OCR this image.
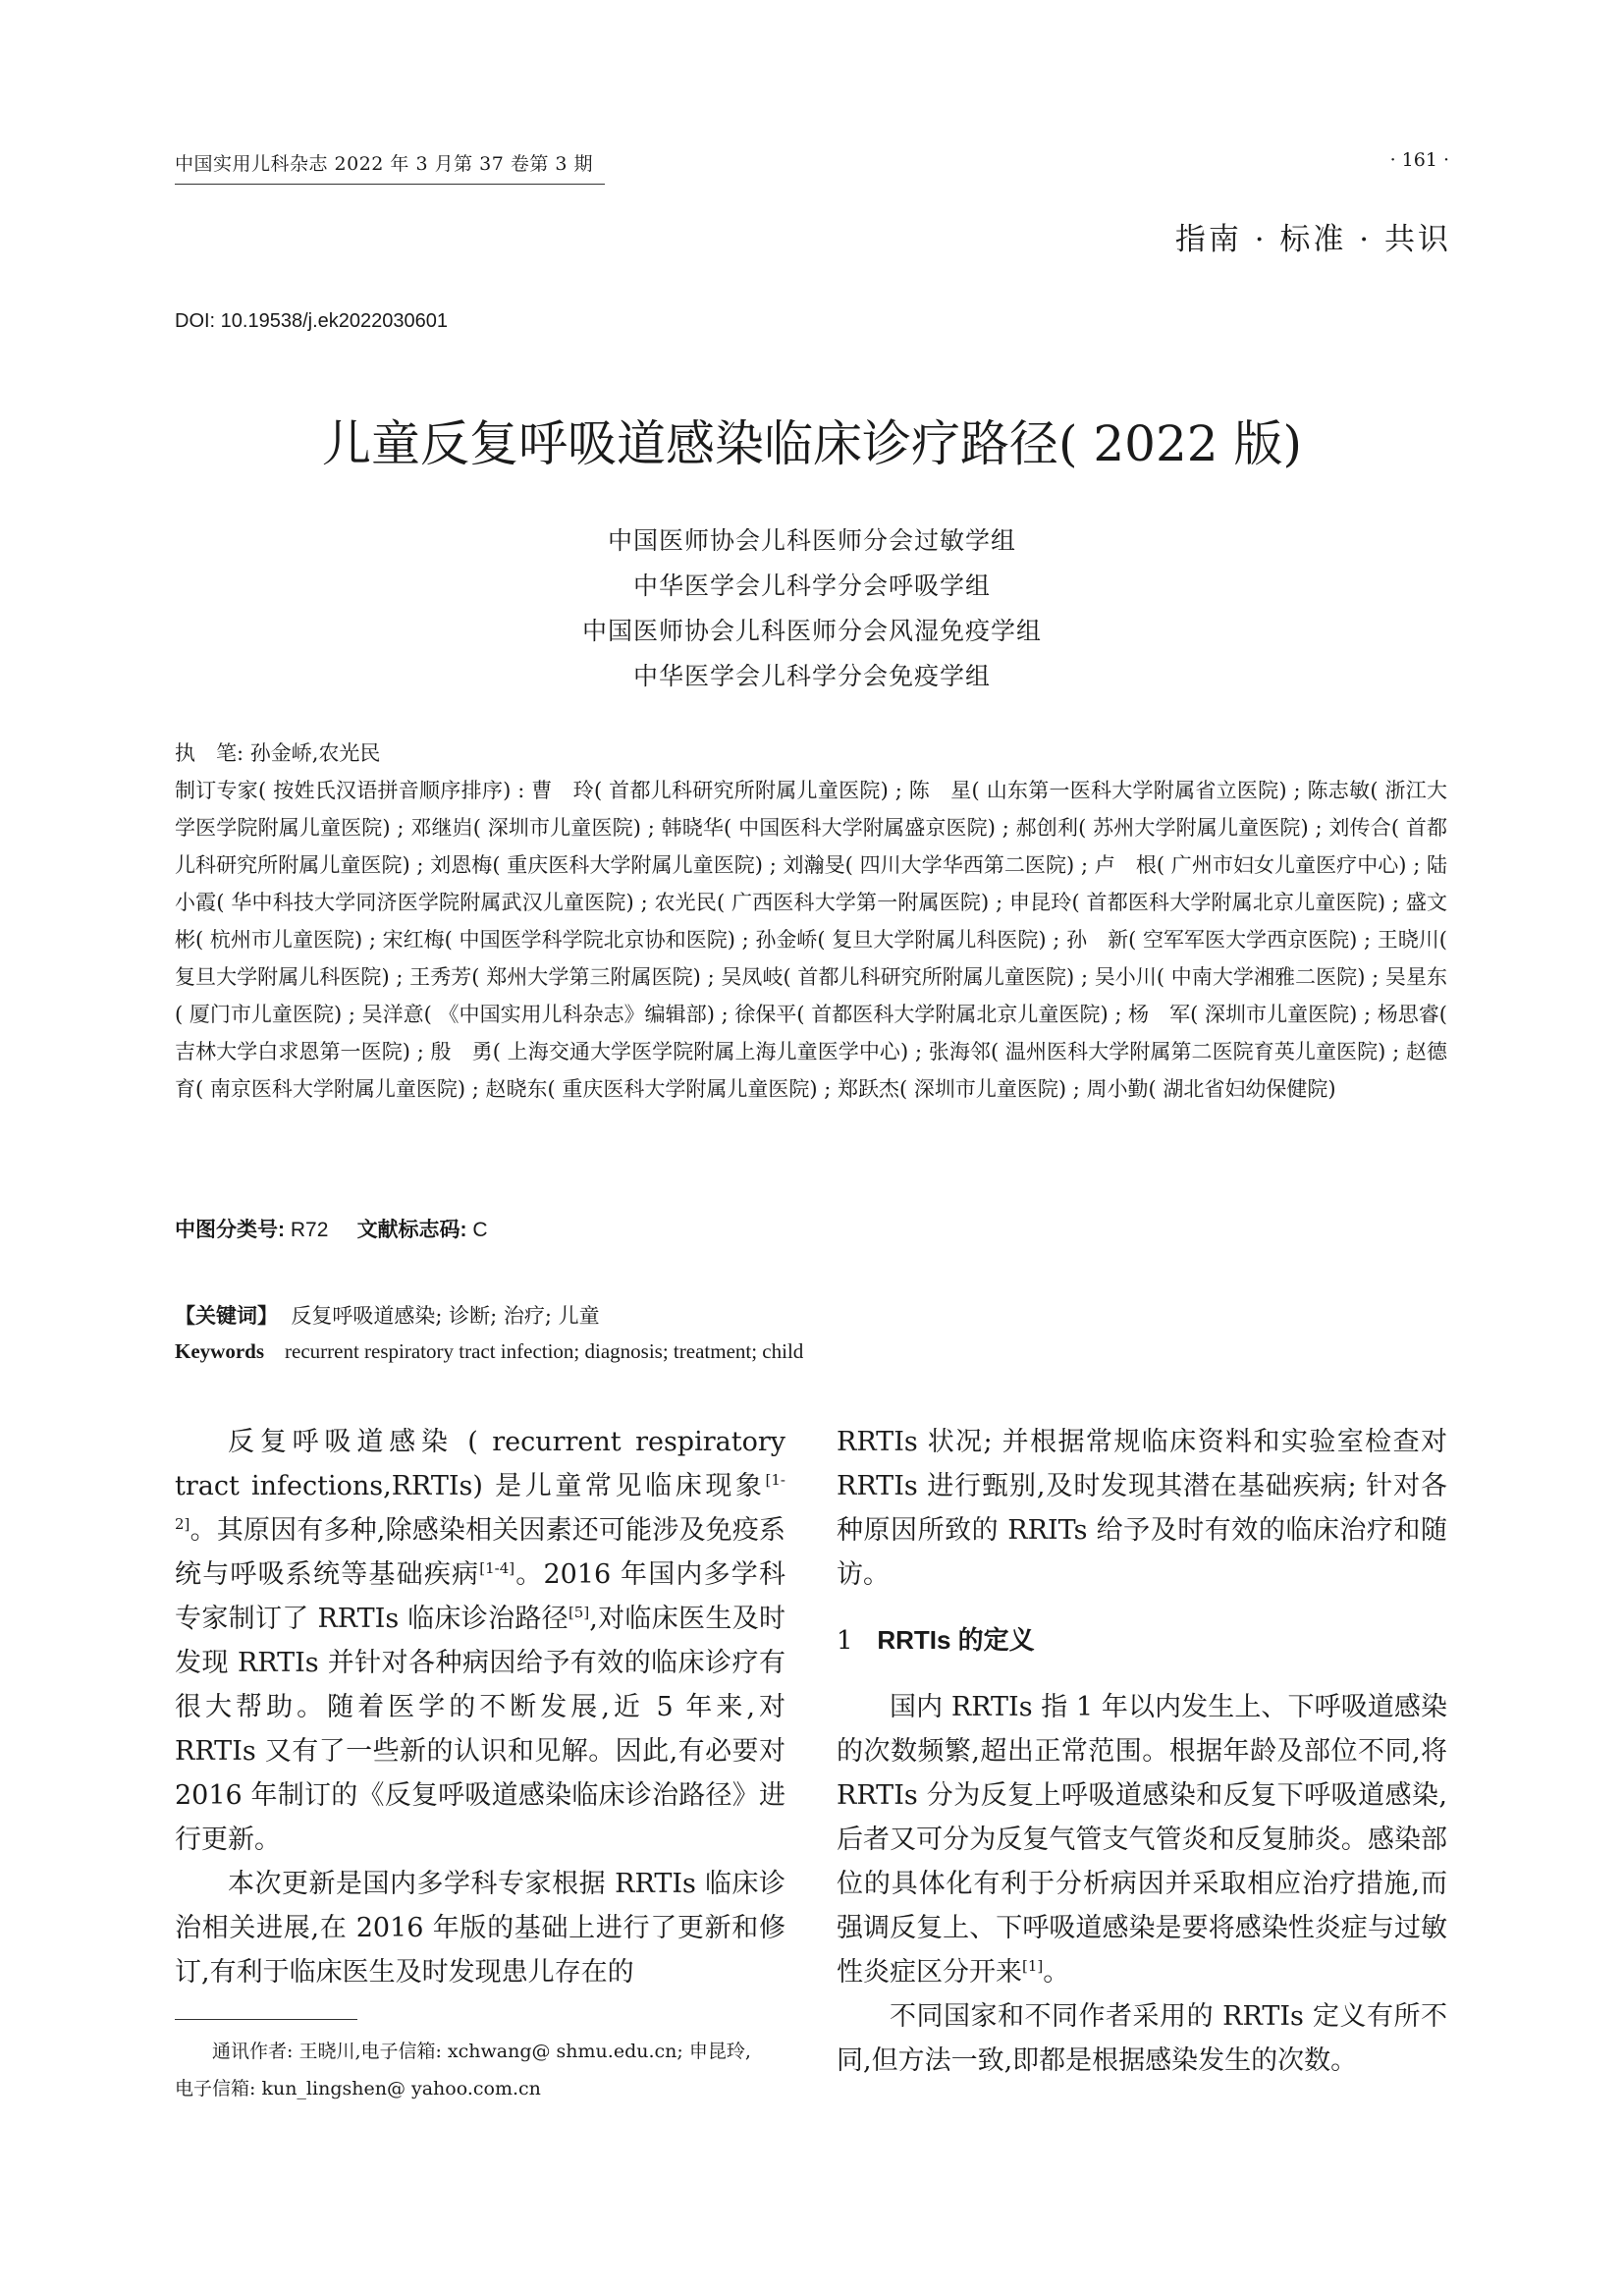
中国实用儿科杂志 2022 年 3 月第 37 卷第 3 期	· 161 ·
指南 · 标准 · 共识
DOI: 10.19538/j.ek2022030601
儿童反复呼吸道感染临床诊疗路径( 2022 版)
中国医师协会儿科医师分会过敏学组
中华医学会儿科学分会呼吸学组
中国医师协会儿科医师分会风湿免疫学组
中华医学会儿科学分会免疫学组

执　笔: 孙金峤,农光民

制订专家( 按姓氏汉语拼音顺序排序) : 曹　玲( 首都儿科研究所附属儿童医院) ; 陈　星( 山东第一医科大学附属省立医院) ; 陈志敏( 浙江大学医学院附属儿童医院) ; 邓继岿( 深圳市儿童医院) ; 韩晓华( 中国医科大学附属盛京医院) ; 郝创利( 苏州大学附属儿童医院) ; 刘传合( 首都儿科研究所附属儿童医院) ; 刘恩梅( 重庆医科大学附属儿童医院) ; 刘瀚旻( 四川大学华西第二医院) ; 卢　根( 广州市妇女儿童医疗中心) ; 陆小霞( 华中科技大学同济医学院附属武汉儿童医院) ; 农光民( 广西医科大学第一附属医院) ; 申昆玲( 首都医科大学附属北京儿童医院) ; 盛文彬( 杭州市儿童医院) ; 宋红梅( 中国医学科学院北京协和医院) ; 孙金峤( 复旦大学附属儿科医院) ; 孙　新( 空军军医大学西京医院) ; 王晓川( 复旦大学附属儿科医院) ; 王秀芳( 郑州大学第三附属医院) ; 吴凤岐( 首都儿科研究所附属儿童医院) ; 吴小川( 中南大学湘雅二医院) ; 吴星东( 厦门市儿童医院) ; 吴洋意( 《中国实用儿科杂志》编辑部) ; 徐保平( 首都医科大学附属北京儿童医院) ; 杨　军( 深圳市儿童医院) ; 杨思睿( 吉林大学白求恩第一医院) ; 殷　勇( 上海交通大学医学院附属上海儿童医学中心) ; 张海邻( 温州医科大学附属第二医院育英儿童医院) ; 赵德育( 南京医科大学附属儿童医院) ; 赵晓东( 重庆医科大学附属儿童医院) ; 郑跃杰( 深圳市儿童医院) ; 周小勤( 湖北省妇幼保健院)

中图分类号: R72 文献标志码: C
【关键词】 反复呼吸道感染; 诊断; 治疗; 儿童
Keywords recurrent respiratory tract infection; diagnosis; treatment; child

反复呼吸道感染 ( recurrent respiratory tract infections,RRTIs) 是儿童常见临床现象[1-2]。其原因有多种,除感染相关因素还可能涉及免疫系统与呼吸系统等基础疾病[1-4]。2016 年国内多学科专家制订了 RRTIs 临床诊治路径[5],对临床医生及时发现 RRTIs 并针对各种病因给予有效的临床诊疗有很大帮助。随着医学的不断发展,近 5 年来,对 RRTIs 又有了一些新的认识和见解。因此,有必要对 2016 年制订的《反复呼吸道感染临床诊治路径》进行更新。

本次更新是国内多学科专家根据 RRTIs 临床诊治相关进展,在 2016 年版的基础上进行了更新和修订,有利于临床医生及时发现患儿存在的

RRTIs 状况; 并根据常规临床资料和实验室检查对 RRTIs 进行甄别,及时发现其潜在基础疾病; 针对各种原因所致的 RRITs 给予及时有效的临床治疗和随访。

1 RRTIs 的定义

国内 RRTIs 指 1 年以内发生上、下呼吸道感染的次数频繁,超出正常范围。根据年龄及部位不同,将 RRTIs 分为反复上呼吸道感染和反复下呼吸道感染,后者又可分为反复气管支气管炎和反复肺炎。感染部位的具体化有利于分析病因并采取相应治疗措施,而强调反复上、下呼吸道感染是要将感染性炎症与过敏性炎症区分开来[1]。

不同国家和不同作者采用的 RRTIs 定义有所不同,但方法一致,即都是根据感染发生的次数。

通讯作者: 王晓川,电子信箱: xchwang@ shmu.edu.cn; 申昆玲,

电子信箱: kun_lingshen@ yahoo.com.cn
